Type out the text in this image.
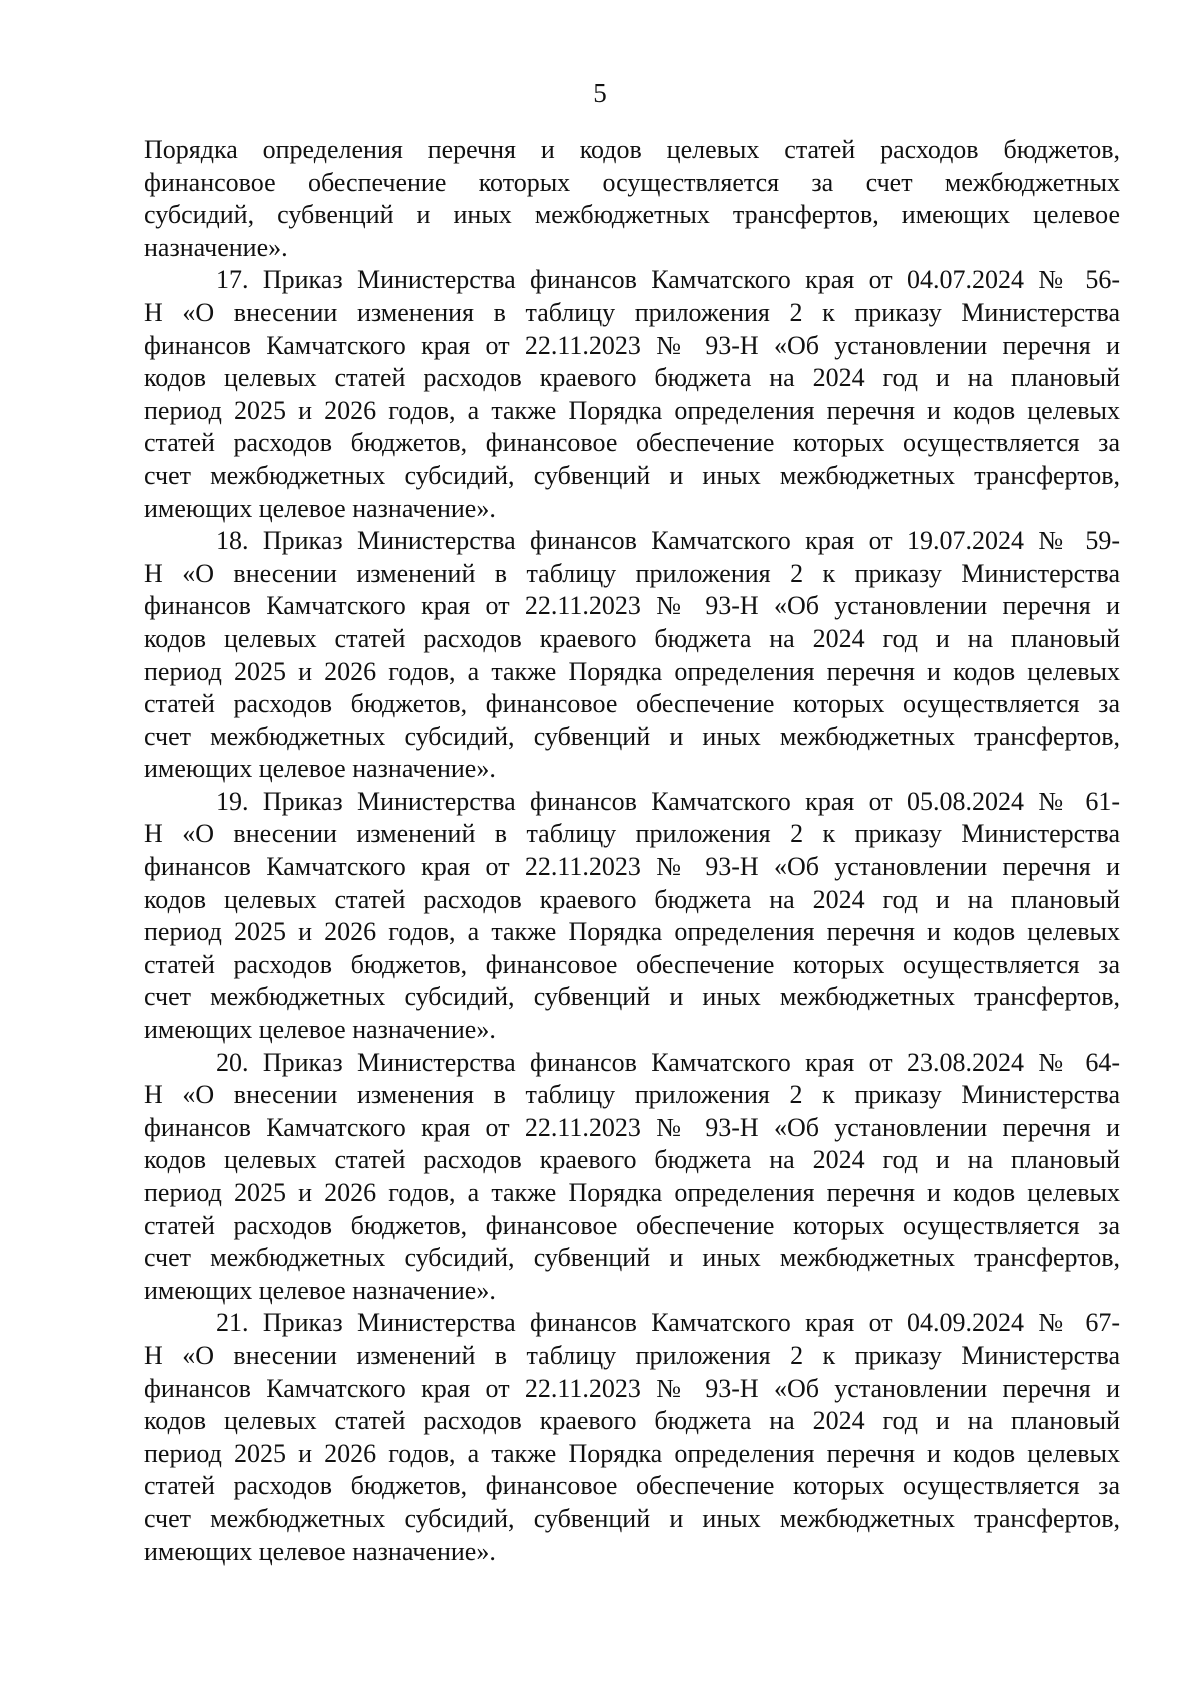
5
Порядка определения перечня и кодов целевых статей расходов бюджетов,
финансовое обеспечение которых осуществляется за счет межбюджетных
субсидий, субвенций и иных межбюджетных трансфертов, имеющих целевое
назначение».
17. Приказ Министерства финансов Камчатского края от 04.07.2024 № 56-
Н «О внесении изменения в таблицу приложения 2 к приказу Министерства
финансов Камчатского края от 22.11.2023 № 93-Н «Об установлении перечня и
кодов целевых статей расходов краевого бюджета на 2024 год и на плановый
период 2025 и 2026 годов, а также Порядка определения перечня и кодов целевых
статей расходов бюджетов, финансовое обеспечение которых осуществляется за
счет межбюджетных субсидий, субвенций и иных межбюджетных трансфертов,
имеющих целевое назначение».
18. Приказ Министерства финансов Камчатского края от 19.07.2024 № 59-
Н «О внесении изменений в таблицу приложения 2 к приказу Министерства
финансов Камчатского края от 22.11.2023 № 93-Н «Об установлении перечня и
кодов целевых статей расходов краевого бюджета на 2024 год и на плановый
период 2025 и 2026 годов, а также Порядка определения перечня и кодов целевых
статей расходов бюджетов, финансовое обеспечение которых осуществляется за
счет межбюджетных субсидий, субвенций и иных межбюджетных трансфертов,
имеющих целевое назначение».
19. Приказ Министерства финансов Камчатского края от 05.08.2024 № 61-
Н «О внесении изменений в таблицу приложения 2 к приказу Министерства
финансов Камчатского края от 22.11.2023 № 93-Н «Об установлении перечня и
кодов целевых статей расходов краевого бюджета на 2024 год и на плановый
период 2025 и 2026 годов, а также Порядка определения перечня и кодов целевых
статей расходов бюджетов, финансовое обеспечение которых осуществляется за
счет межбюджетных субсидий, субвенций и иных межбюджетных трансфертов,
имеющих целевое назначение».
20. Приказ Министерства финансов Камчатского края от 23.08.2024 № 64-
Н «О внесении изменения в таблицу приложения 2 к приказу Министерства
финансов Камчатского края от 22.11.2023 № 93-Н «Об установлении перечня и
кодов целевых статей расходов краевого бюджета на 2024 год и на плановый
период 2025 и 2026 годов, а также Порядка определения перечня и кодов целевых
статей расходов бюджетов, финансовое обеспечение которых осуществляется за
счет межбюджетных субсидий, субвенций и иных межбюджетных трансфертов,
имеющих целевое назначение».
21. Приказ Министерства финансов Камчатского края от 04.09.2024 № 67-
Н «О внесении изменений в таблицу приложения 2 к приказу Министерства
финансов Камчатского края от 22.11.2023 № 93-Н «Об установлении перечня и
кодов целевых статей расходов краевого бюджета на 2024 год и на плановый
период 2025 и 2026 годов, а также Порядка определения перечня и кодов целевых
статей расходов бюджетов, финансовое обеспечение которых осуществляется за
счет межбюджетных субсидий, субвенций и иных межбюджетных трансфертов,
имеющих целевое назначение».
